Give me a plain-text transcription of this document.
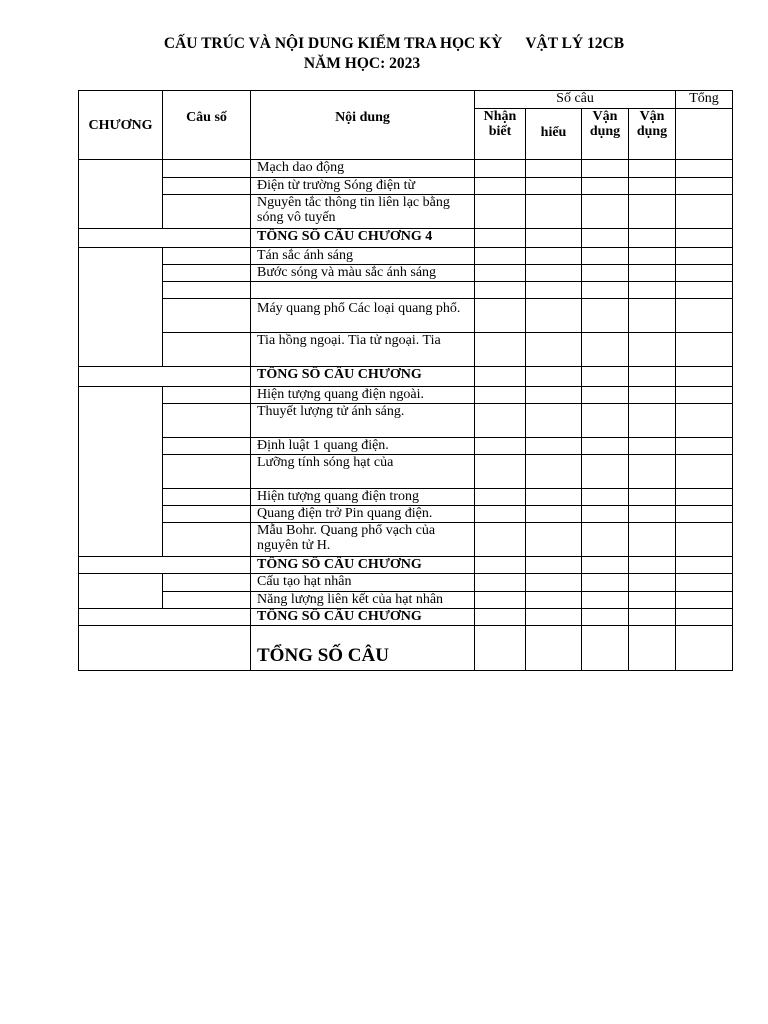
CẤU TRÚC VÀ NỘI DUNG KIỂM TRA HỌC KỲ      VẬT LÝ 12CB
NĂM HỌC: 2023
CHƯƠNG	Câu số	Nội dung	Số câu				Tổng
			Nhận biết	hiểu	Vận dụng	Vận dụng	
		Mạch dao động					
		Điện từ trường Sóng điện từ					
		Nguyên tắc thông tin liên lạc bằng sóng vô tuyến					
		TỔNG SỐ CÂU CHƯƠNG 4					
		Tán sắc ánh sáng					
		Bước sóng và màu sắc ánh sáng					

		Máy quang phổ Các loại quang phổ.					
		Tia hồng ngoại. Tia tử ngoại. Tia					
		TỔNG SỐ CÂU CHƯƠNG					
		Hiện tượng quang điện ngoài.					
		Thuyết lượng tử ánh sáng.					
		Định luật 1 quang điện.					
		Lưỡng tính sóng hạt của					
		Hiện tượng quang điện trong					
		Quang điện trở Pin quang điện.					
		Mẫu Bohr. Quang phổ vạch của nguyên tử H.					
		TỔNG SỐ CÂU CHƯƠNG					
		Cấu tạo hạt nhân					
		Năng lượng liên kết của hạt nhân					
		TỔNG SỐ CÂU CHƯƠNG					
		TỔNG SỐ CÂU					
